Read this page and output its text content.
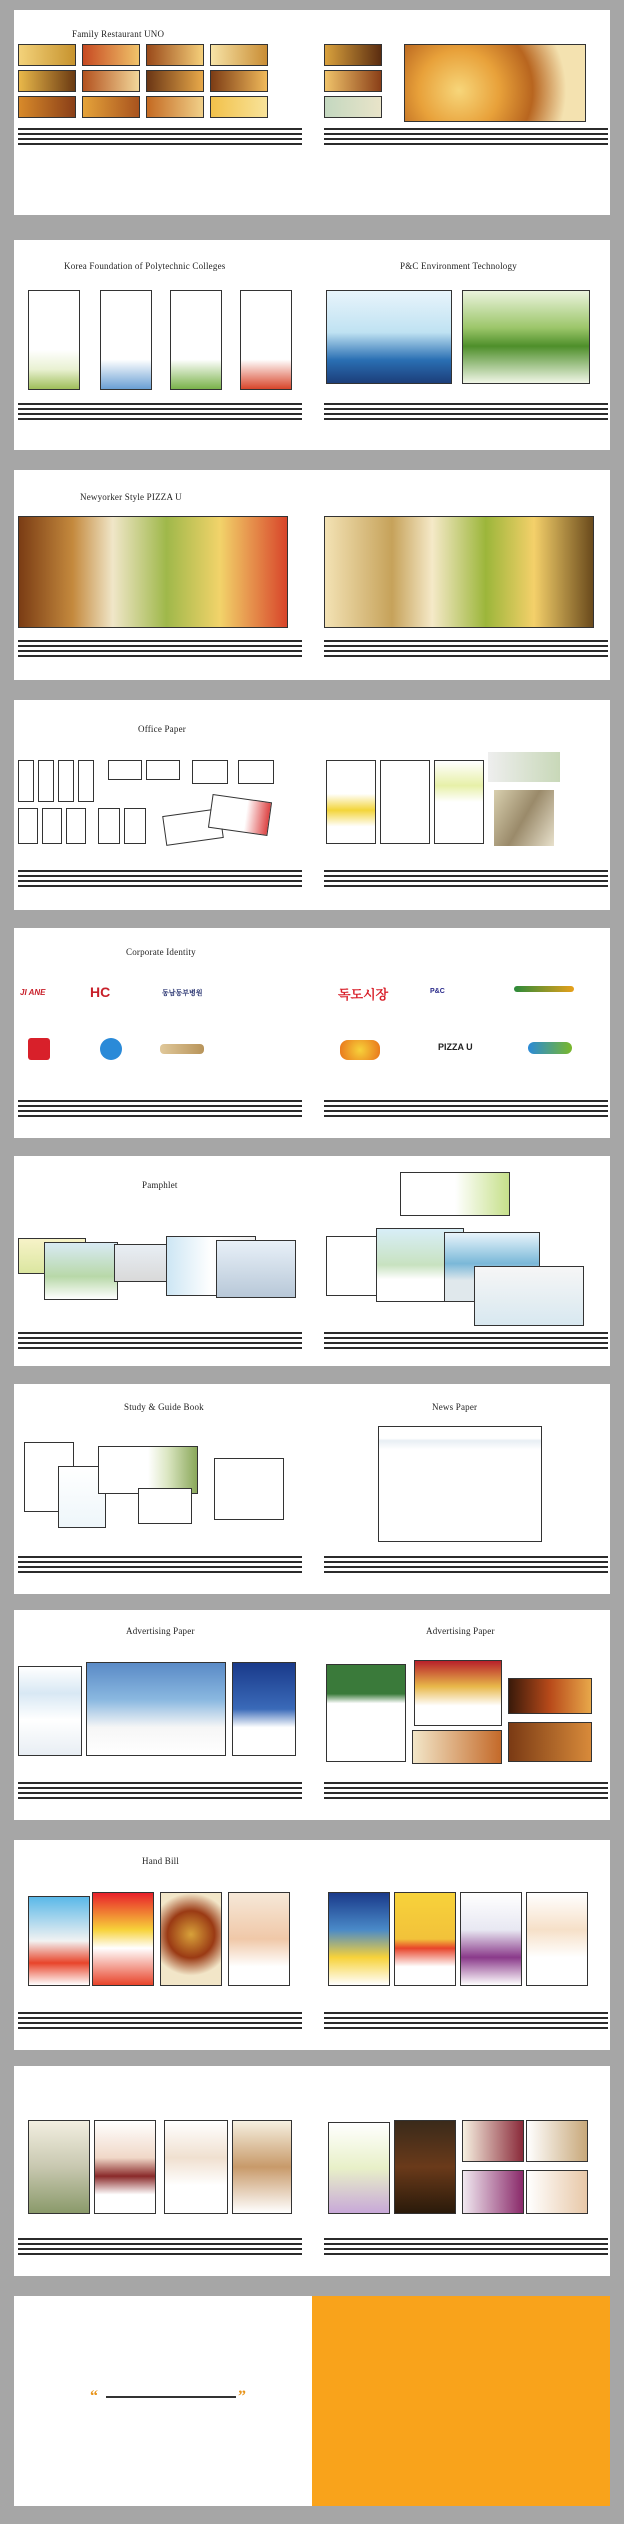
Family Restaurant UNO
Korea Foundation of Polytechnic Colleges	P&C Environment Technology
Newyorker Style PIZZA U
Office Paper
Corporate Identity
JI ANE	HC	동남동부병원	독도시장	P&C
PIZZA U
Pamphlet
Study & Guide Book	News Paper
Advertising Paper	Advertising Paper
Hand Bill
“	”
